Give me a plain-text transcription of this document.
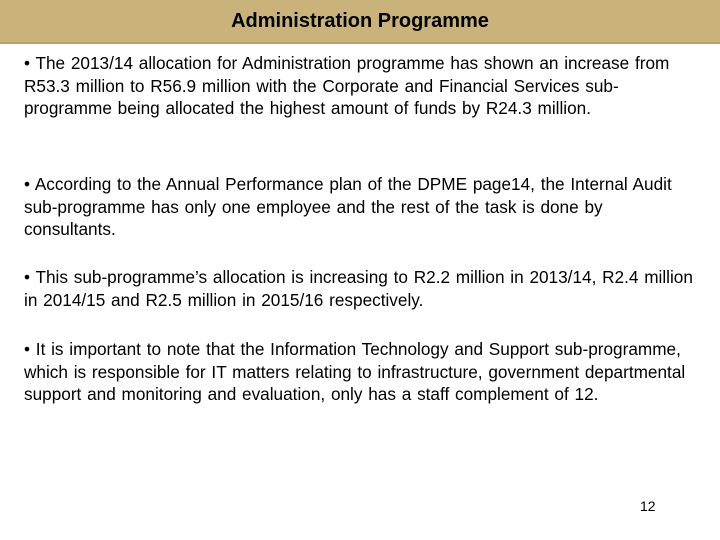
Administration Programme

• The 2013/14 allocation for Administration programme has shown an increase from R53.3 million to R56.9 million with the Corporate and Financial Services sub-programme being allocated the highest amount of funds by R24.3 million.

• According to the Annual Performance plan of the DPME page14, the Internal Audit sub-programme has only one employee and the rest of the task is done by consultants.

• This sub-programme’s allocation is increasing to R2.2 million in 2013/14, R2.4 million in 2014/15 and R2.5 million in 2015/16 respectively.

• It is important to note that the Information Technology and Support sub-programme, which is responsible for IT matters relating to infrastructure, government departmental support and monitoring and evaluation, only has a staff complement of 12.

12
